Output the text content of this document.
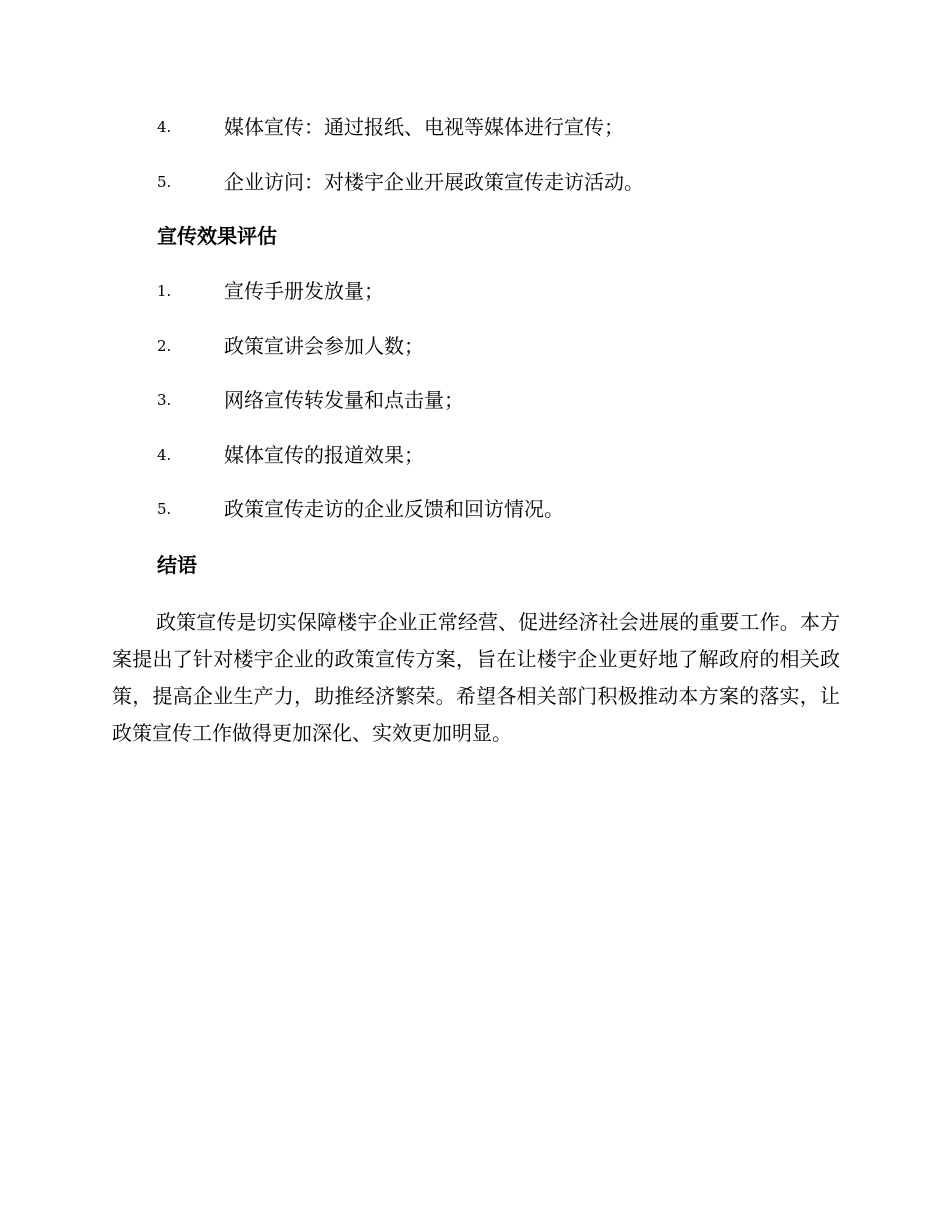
4.	媒体宣传：通过报纸、电视等媒体进行宣传；
5.	企业访问：对楼宇企业开展政策宣传走访活动。
宣传效果评估
1.	宣传手册发放量；
2.	政策宣讲会参加人数；
3.	网络宣传转发量和点击量；
4.	媒体宣传的报道效果；
5.	政策宣传走访的企业反馈和回访情况。
结语

政策宣传是切实保障楼宇企业正常经营、促进经济社会进展的重要工作。本方案提出了针对楼宇企业的政策宣传方案，旨在让楼宇企业更好地了解政府的相关政策，提高企业生产力，助推经济繁荣。希望各相关部门积极推动本方案的落实，让政策宣传工作做得更加深化、实效更加明显。
